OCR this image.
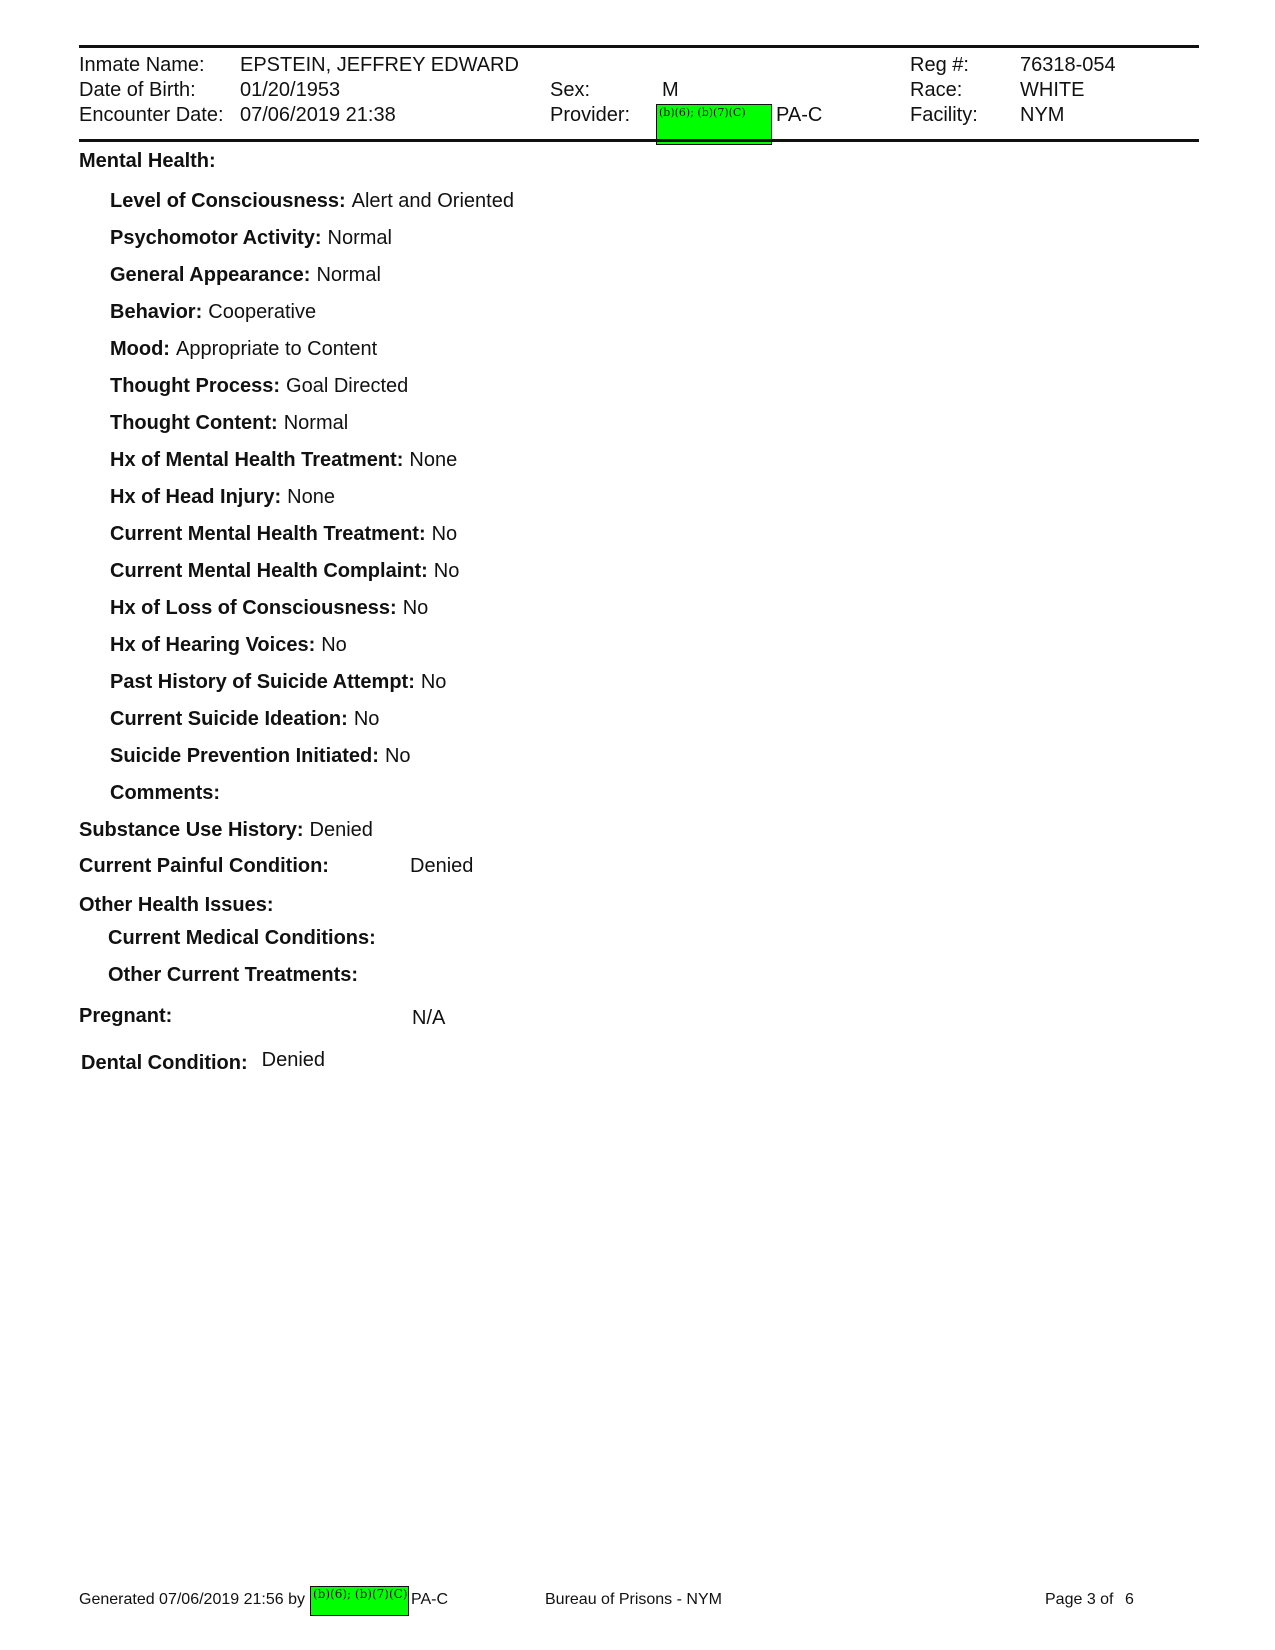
Inmate Name: EPSTEIN, JEFFREY EDWARD
Date of Birth: 01/20/1953
Encounter Date: 07/06/2019 21:38
Sex:	M
Provider:	(b)(6); (b)(7)(C)	PA-C
Reg #:	76318-054
Race:	WHITE
Facility: NYM
Mental Health:
Level of Consciousness: Alert and Oriented
Psychomotor Activity: Normal
General Appearance: Normal
Behavior: Cooperative
Mood: Appropriate to Content
Thought Process: Goal Directed
Thought Content: Normal
Hx of Mental Health Treatment: None
Hx of Head Injury: None
Current Mental Health Treatment: No
Current Mental Health Complaint: No
Hx of Loss of Consciousness: No
Hx of Hearing Voices: No
Past History of Suicide Attempt: No
Current Suicide Ideation: No
Suicide Prevention Initiated: No
Comments:
Substance Use History: Denied
Current Painful Condition:	Denied
Other Health Issues:
Current Medical Conditions:
Other Current Treatments:
Pregnant:	N/A
Dental Condition: Denied
Generated 07/06/2019 21:56 by (b)(6); (b)(7)(C) PA-C	Bureau of Prisons - NYM	Page 3 of 6
